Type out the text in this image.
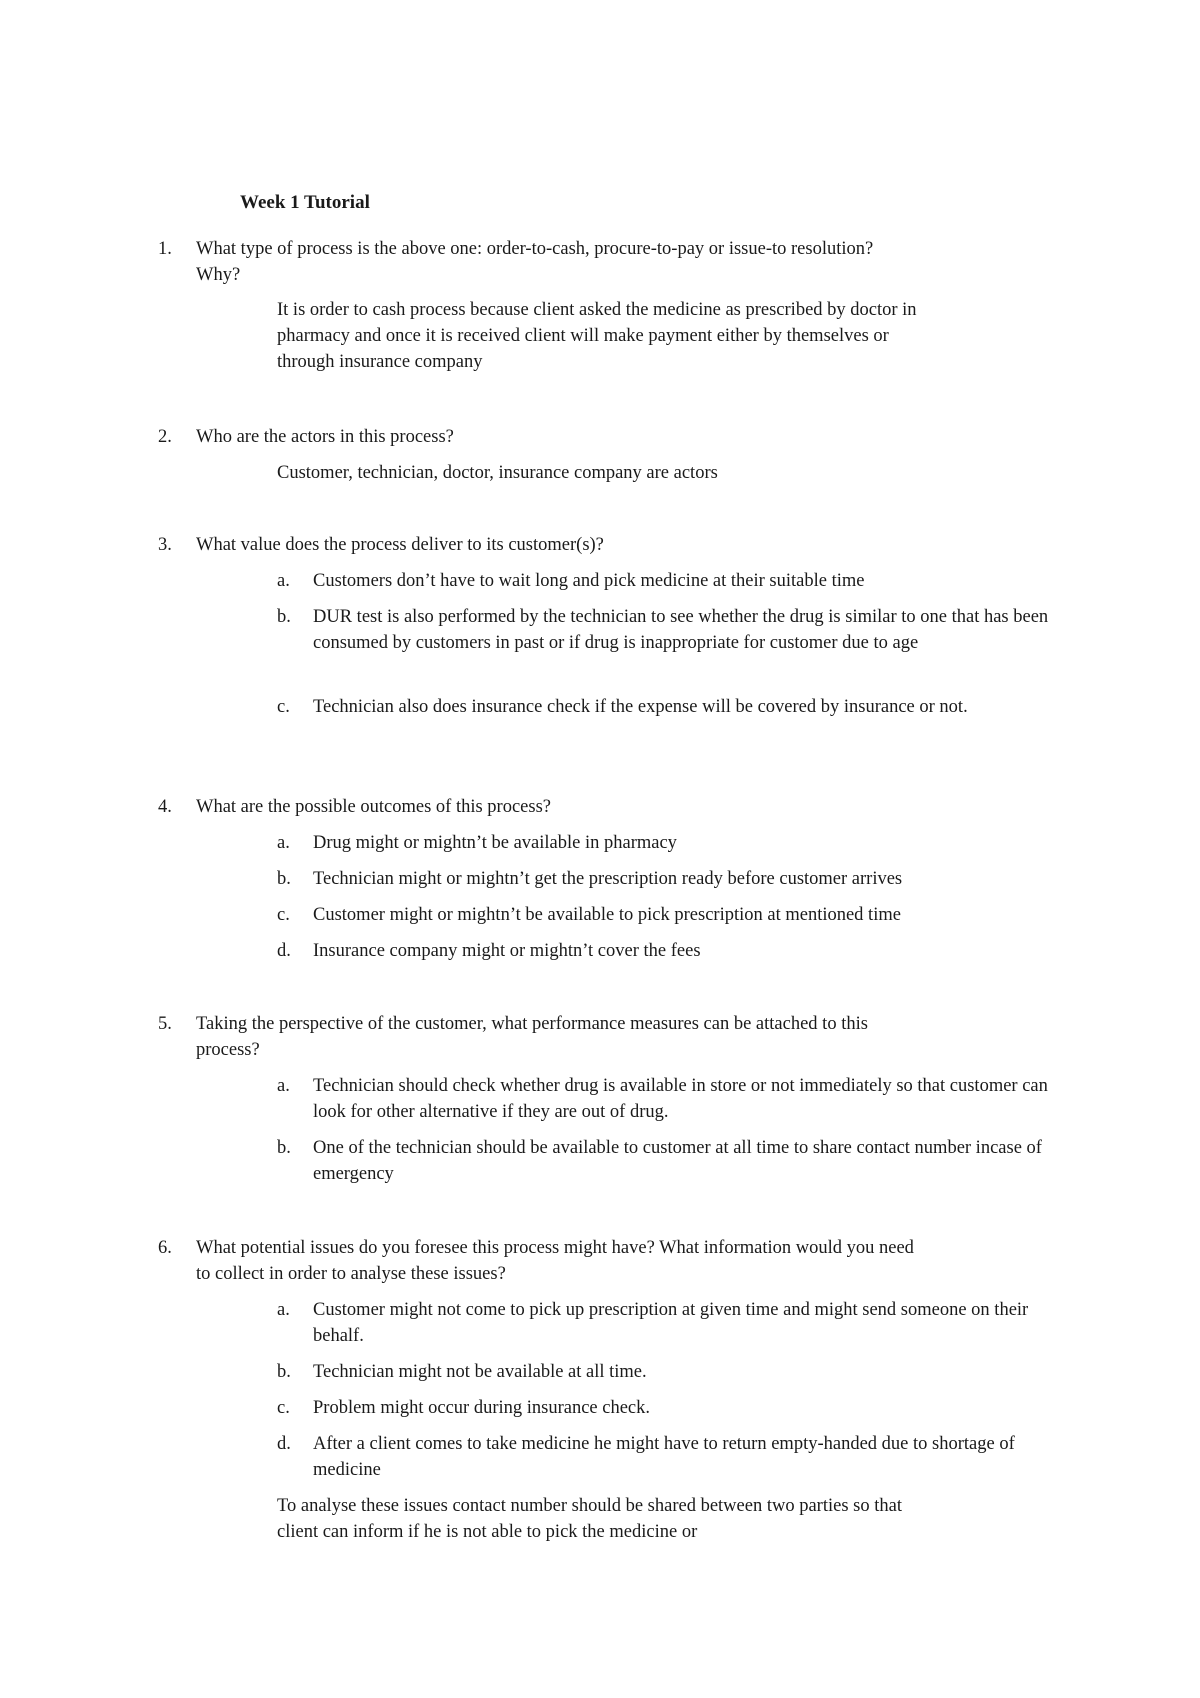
Week 1 Tutorial
1. What type of process is the above one: order-to-cash, procure-to-pay or issue-to resolution? Why?
It is order to cash process because client asked the medicine as prescribed by doctor in pharmacy and once it is received client will make payment either by themselves or through insurance company
2. Who are the actors in this process?
Customer, technician, doctor, insurance company are actors
3. What value does the process deliver to its customer(s)?
a. Customers don’t have to wait long and pick medicine at their suitable time
b. DUR test is also performed by the technician to see whether the drug is similar to one that has been consumed by customers in past or if drug is inappropriate for customer due to age
c. Technician also does insurance check if the expense will be covered by insurance or not.
4. What are the possible outcomes of this process?
a. Drug might or mightn’t be available in pharmacy
b. Technician might or mightn’t get the prescription ready before customer arrives
c. Customer might or mightn’t be available to pick prescription at mentioned time
d. Insurance company might or mightn’t cover the fees
5. Taking the perspective of the customer, what performance measures can be attached to this process?
a. Technician should check whether drug is available in store or not immediately so that customer can look for other alternative if they are out of drug.
b. One of the technician should be available to customer at all time to share contact number incase of emergency
6. What potential issues do you foresee this process might have? What information would you need to collect in order to analyse these issues?
a. Customer might not come to pick up prescription at given time and might send someone on their behalf.
b. Technician might not be available at all time.
c. Problem might occur during insurance check.
d. After a client comes to take medicine he might have to return empty-handed due to shortage of medicine
To analyse these issues contact number should be shared between two parties so that client can inform if he is not able to pick the medicine or
